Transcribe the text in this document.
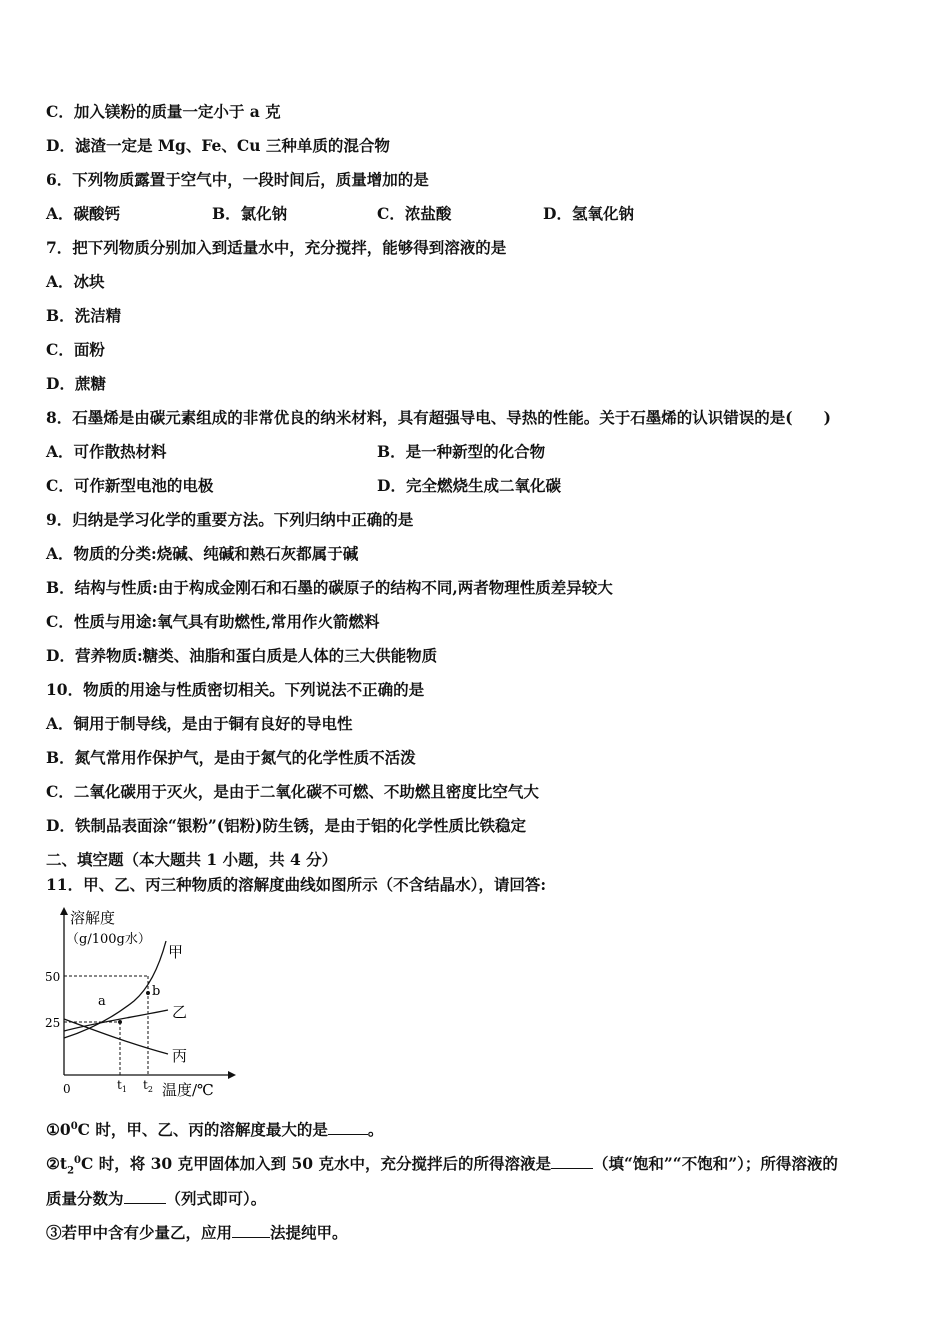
C．加入镁粉的质量一定小于 a 克
D．滤渣一定是 Mg、Fe、Cu 三种单质的混合物
6．下列物质露置于空气中，一段时间后，质量增加的是
A．碳酸钙	B．氯化钠	C．浓盐酸	D．氢氧化钠
7．把下列物质分别加入到适量水中，充分搅拌，能够得到溶液的是
A．冰块
B．洗洁精
C．面粉
D．蔗糖
8．石墨烯是由碳元素组成的非常优良的纳米材料，具有超强导电、导热的性能。关于石墨烯的认识错误的是(　　)
A．可作散热材料	B．是一种新型的化合物
C．可作新型电池的电极	D．完全燃烧生成二氧化碳
9．归纳是学习化学的重要方法。下列归纳中正确的是
A．物质的分类:烧碱、纯碱和熟石灰都属于碱
B．结构与性质:由于构成金刚石和石墨的碳原子的结构不同,两者物理性质差异较大
C．性质与用途:氧气具有助燃性,常用作火箭燃料
D．营养物质:糖类、油脂和蛋白质是人体的三大供能物质
10．物质的用途与性质密切相关。下列说法不正确的是
A．铜用于制导线，是由于铜有良好的导电性
B．氮气常用作保护气，是由于氮气的化学性质不活泼
C．二氧化碳用于灭火，是由于二氧化碳不可燃、不助燃且密度比空气大
D．铁制品表面涂“银粉”(铝粉)防生锈，是由于铝的化学性质比铁稳定
二、填空题（本大题共 1 小题，共 4 分）
11．甲、乙、丙三种物质的溶解度曲线如图所示（不含结晶水），请回答:
溶解度
（g/100g水）
甲
乙
丙
50
25
0	$t_1$ $t_2$ 温度/℃
a
b
$①0^0C$ 时，甲、乙、丙的溶解度最大的是	。
$②t_2^0C$ 时，将 30 克甲固体加入到 50 克水中，充分搅拌后的所得溶液是	（填“饱和”“不饱和”）；所得溶液的
质量分数为	（列式即可）。
③若甲中含有少量乙，应用 法提纯甲。
